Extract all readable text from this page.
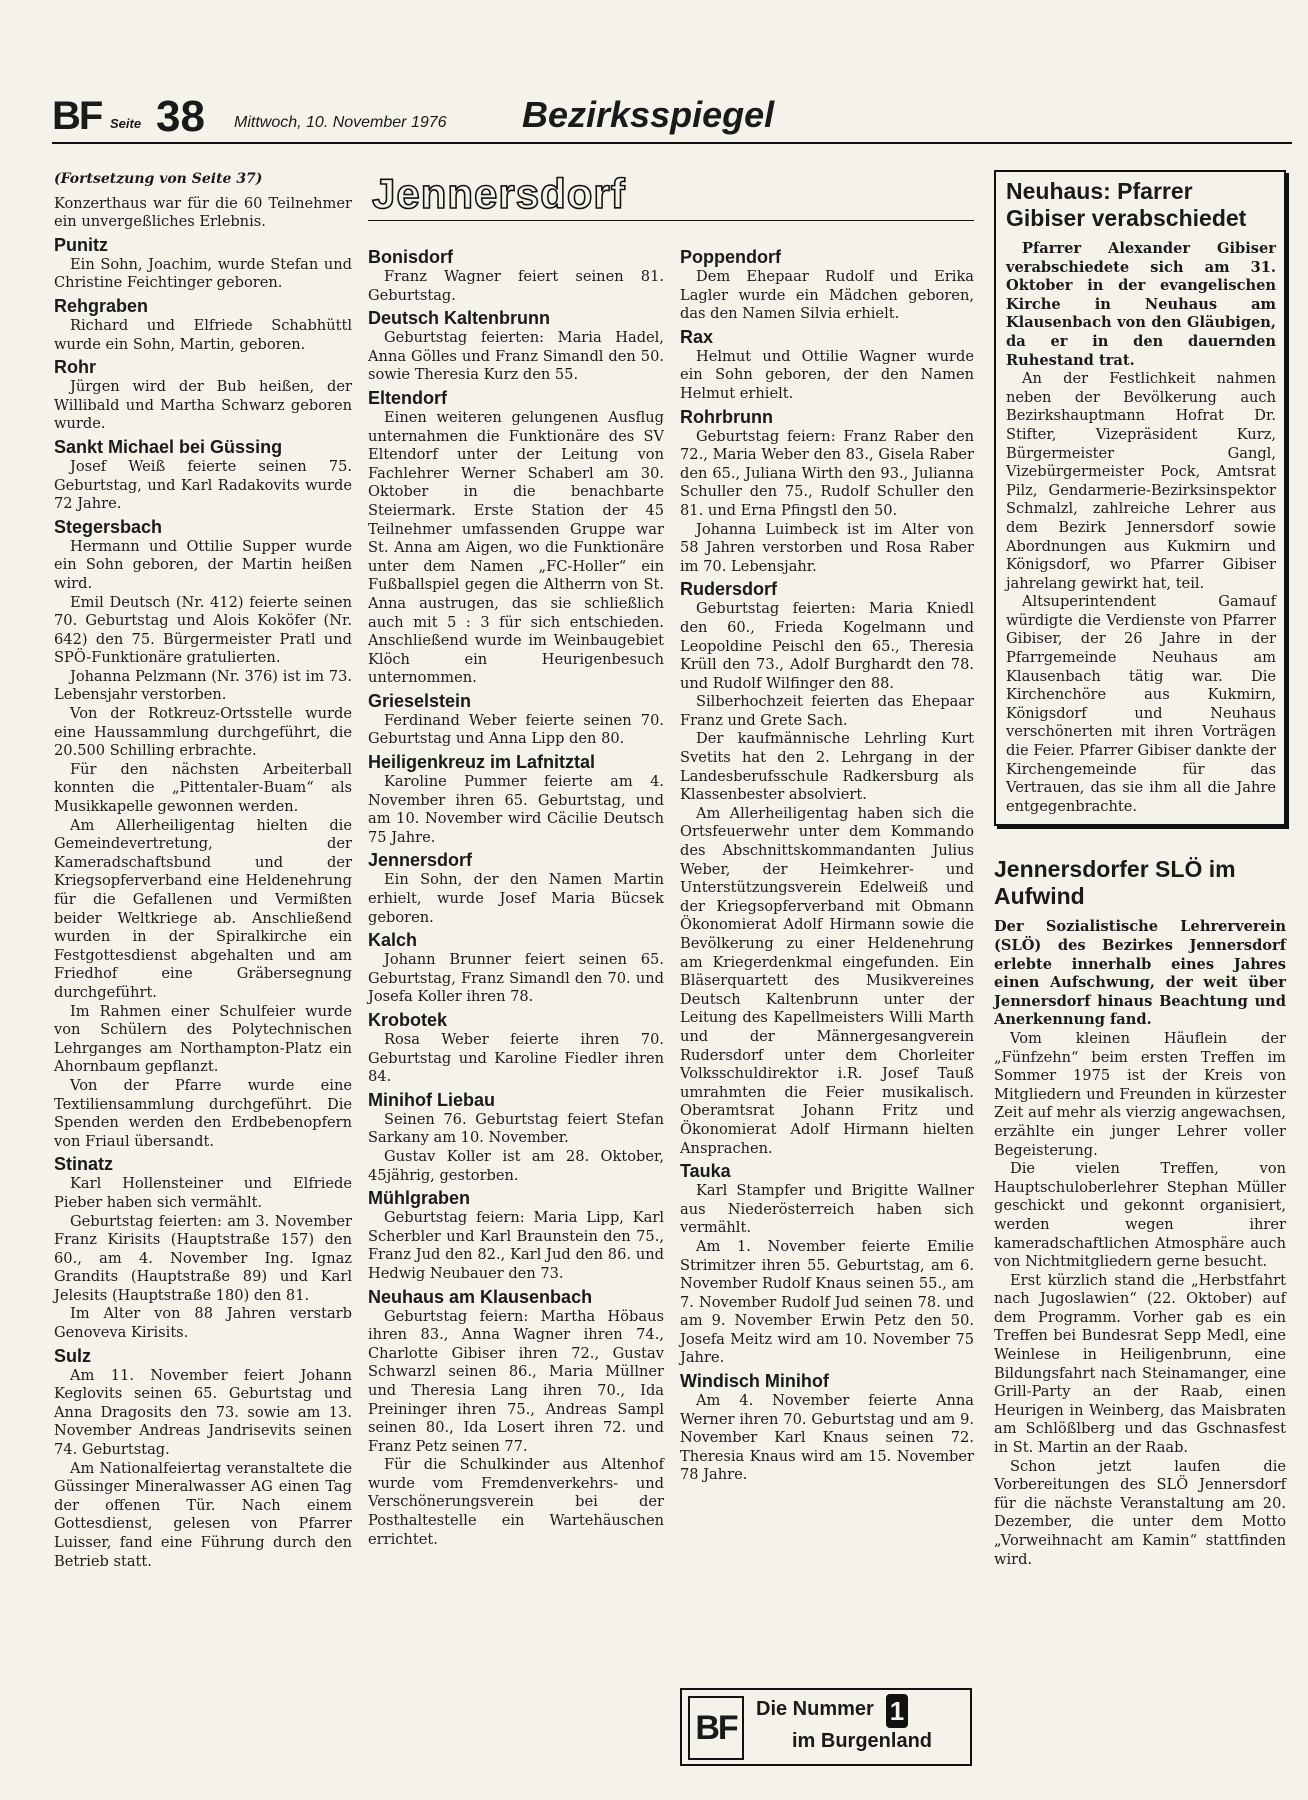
BF Seite 38 Mittwoch, 10. November 1976 Bezirksspiegel
(Fortsetzung von Seite 37)

Konzerthaus war für die 60 Teilnehmer ein unvergeßliches Erlebnis.

Punitz

Ein Sohn, Joachim, wurde Stefan und Christine Feichtinger geboren.

Rehgraben

Richard und Elfriede Schabhüttl wurde ein Sohn, Martin, geboren.

Rohr

Jürgen wird der Bub heißen, der Willibald und Martha Schwarz geboren wurde.

Sankt Michael bei Güssing

Josef Weiß feierte seinen 75. Geburtstag, und Karl Radakovits wurde 72 Jahre.

Stegersbach

Hermann und Ottilie Supper wurde ein Sohn geboren, der Martin heißen wird.

Emil Deutsch (Nr. 412) feierte seinen 70. Geburtstag und Alois Koköfer (Nr. 642) den 75. Bürgermeister Pratl und SPÖ-Funktionäre gratulierten.

Johanna Pelzmann (Nr. 376) ist im 73. Lebensjahr verstorben.

Von der Rotkreuz-Ortsstelle wurde eine Haussammlung durchgeführt, die 20.500 Schilling erbrachte.

Für den nächsten Arbeiterball konnten die „Pittentaler-Buam“ als Musikkapelle gewonnen werden.

Am Allerheiligentag hielten die Gemeindevertretung, der Kameradschaftsbund und der Kriegsopferverband eine Heldenehrung für die Gefallenen und Vermißten beider Weltkriege ab. Anschließend wurden in der Spiralkirche ein Festgottesdienst abgehalten und am Friedhof eine Gräbersegnung durchgeführt.

Im Rahmen einer Schulfeier wurde von Schülern des Polytechnischen Lehrganges am Northampton-Platz ein Ahornbaum gepflanzt.

Von der Pfarre wurde eine Textiliensammlung durchgeführt. Die Spenden werden den Erdbebenopfern von Friaul übersandt.

Stinatz

Karl Hollensteiner und Elfriede Pieber haben sich vermählt.

Geburtstag feierten: am 3. November Franz Kirisits (Hauptstraße 157) den 60., am 4. November Ing. Ignaz Grandits (Hauptstraße 89) und Karl Jelesits (Hauptstraße 180) den 81.

Im Alter von 88 Jahren verstarb Genoveva Kirisits.

Sulz

Am 11. November feiert Johann Keglovits seinen 65. Geburtstag und Anna Dragosits den 73. sowie am 13. November Andreas Jandrisevits seinen 74. Geburtstag.

Am Nationalfeiertag veranstaltete die Güssinger Mineralwasser AG einen Tag der offenen Tür. Nach einem Gottesdienst, gelesen von Pfarrer Luisser, fand eine Führung durch den Betrieb statt.

Jennersdorf
Bonisdorf

Franz Wagner feiert seinen 81. Geburtstag.

Deutsch Kaltenbrunn

Geburtstag feierten: Maria Hadel, Anna Gölles und Franz Simandl den 50. sowie Theresia Kurz den 55.

Eltendorf

Einen weiteren gelungenen Ausflug unternahmen die Funktionäre des SV Eltendorf unter der Leitung von Fachlehrer Werner Schaberl am 30. Oktober in die benachbarte Steiermark. Erste Station der 45 Teilnehmer umfassenden Gruppe war St. Anna am Aigen, wo die Funktionäre unter dem Namen „FC-Holler“ ein Fußballspiel gegen die Altherrn von St. Anna austrugen, das sie schließlich auch mit 5 : 3 für sich entschieden. Anschließend wurde im Weinbaugebiet Klöch ein Heurigenbesuch unternommen.

Grieselstein

Ferdinand Weber feierte seinen 70. Geburtstag und Anna Lipp den 80.

Heiligenkreuz im Lafnitztal

Karoline Pummer feierte am 4. November ihren 65. Geburtstag, und am 10. November wird Cäcilie Deutsch 75 Jahre.

Jennersdorf

Ein Sohn, der den Namen Martin erhielt, wurde Josef Maria Bücsek geboren.

Kalch

Johann Brunner feiert seinen 65. Geburtstag, Franz Simandl den 70. und Josefa Koller ihren 78.

Krobotek

Rosa Weber feierte ihren 70. Geburtstag und Karoline Fiedler ihren 84.

Minihof Liebau

Seinen 76. Geburtstag feiert Stefan Sarkany am 10. November.

Gustav Koller ist am 28. Oktober, 45jährig, gestorben.

Mühlgraben

Geburtstag feiern: Maria Lipp, Karl Scherbler und Karl Braunstein den 75., Franz Jud den 82., Karl Jud den 86. und Hedwig Neubauer den 73.

Neuhaus am Klausenbach

Geburtstag feiern: Martha Höbaus ihren 83., Anna Wagner ihren 74., Charlotte Gibiser ihren 72., Gustav Schwarzl seinen 86., Maria Müllner und Theresia Lang ihren 70., Ida Preininger ihren 75., Andreas Sampl seinen 80., Ida Losert ihren 72. und Franz Petz seinen 77.

Für die Schulkinder aus Altenhof wurde vom Fremdenverkehrs- und Verschönerungsverein bei der Posthaltestelle ein Wartehäuschen errichtet.

Poppendorf

Dem Ehepaar Rudolf und Erika Lagler wurde ein Mädchen geboren, das den Namen Silvia erhielt.

Rax

Helmut und Ottilie Wagner wurde ein Sohn geboren, der den Namen Helmut erhielt.

Rohrbrunn

Geburtstag feiern: Franz Raber den 72., Maria Weber den 83., Gisela Raber den 65., Juliana Wirth den 93., Julianna Schuller den 75., Rudolf Schuller den 81. und Erna Pfingstl den 50.

Johanna Luimbeck ist im Alter von 58 Jahren verstorben und Rosa Raber im 70. Lebensjahr.

Rudersdorf

Geburtstag feierten: Maria Kniedl den 60., Frieda Kogelmann und Leopoldine Peischl den 65., Theresia Krüll den 73., Adolf Burghardt den 78. und Rudolf Wilfinger den 88.

Silberhochzeit feierten das Ehepaar Franz und Grete Sach.

Der kaufmännische Lehrling Kurt Svetits hat den 2. Lehrgang in der Landesberufsschule Radkersburg als Klassenbester absolviert.

Am Allerheiligentag haben sich die Ortsfeuerwehr unter dem Kommando des Abschnittskommandanten Julius Weber, der Heimkehrer- und Unterstützungsverein Edelweiß und der Kriegsopferverband mit Obmann Ökonomierat Adolf Hirmann sowie die Bevölkerung zu einer Heldenehrung am Kriegerdenkmal eingefunden. Ein Bläserquartett des Musikvereines Deutsch Kaltenbrunn unter der Leitung des Kapellmeisters Willi Marth und der Männergesangverein Rudersdorf unter dem Chorleiter Volksschuldirektor i.R. Josef Tauß umrahmten die Feier musikalisch. Oberamtsrat Johann Fritz und Ökonomierat Adolf Hirmann hielten Ansprachen.

Tauka

Karl Stampfer und Brigitte Wallner aus Niederösterreich haben sich vermählt.

Am 1. November feierte Emilie Strimitzer ihren 55. Geburtstag, am 6. November Rudolf Knaus seinen 55., am 7. November Rudolf Jud seinen 78. und am 9. November Erwin Petz den 50. Josefa Meitz wird am 10. November 75 Jahre.

Windisch Minihof

Am 4. November feierte Anna Werner ihren 70. Geburtstag und am 9. November Karl Knaus seinen 72. Theresia Knaus wird am 15. November 78 Jahre.

BF Die Nummer 1
im Burgenland
Neuhaus: Pfarrer Gibiser verabschiedet

Pfarrer Alexander Gibiser verabschiedete sich am 31. Oktober in der evangelischen Kirche in Neuhaus am Klausenbach von den Gläubigen, da er in den dauernden Ruhestand trat.

An der Festlichkeit nahmen neben der Bevölkerung auch Bezirkshauptmann Hofrat Dr. Stifter, Vizepräsident Kurz, Bürgermeister Gangl, Vizebürgermeister Pock, Amtsrat Pilz, Gendarmerie-Bezirksinspektor Schmalzl, zahlreiche Lehrer aus dem Bezirk Jennersdorf sowie Abordnungen aus Kukmirn und Königsdorf, wo Pfarrer Gibiser jahrelang gewirkt hat, teil.

Altsuperintendent Gamauf würdigte die Verdienste von Pfarrer Gibiser, der 26 Jahre in der Pfarrgemeinde Neuhaus am Klausenbach tätig war. Die Kirchenchöre aus Kukmirn, Königsdorf und Neuhaus verschönerten mit ihren Vorträgen die Feier. Pfarrer Gibiser dankte der Kirchengemeinde für das Vertrauen, das sie ihm all die Jahre entgegenbrachte.

Jennersdorfer SLÖ im Aufwind

Der Sozialistische Lehrerverein (SLÖ) des Bezirkes Jennersdorf erlebte innerhalb eines Jahres einen Aufschwung, der weit über Jennersdorf hinaus Beachtung und Anerkennung fand.

Vom kleinen Häuflein der „Fünfzehn“ beim ersten Treffen im Sommer 1975 ist der Kreis von Mitgliedern und Freunden in kürzester Zeit auf mehr als vierzig angewachsen, erzählte ein junger Lehrer voller Begeisterung.

Die vielen Treffen, von Hauptschuloberlehrer Stephan Müller geschickt und gekonnt organisiert, werden wegen ihrer kameradschaftlichen Atmosphäre auch von Nichtmitgliedern gerne besucht.

Erst kürzlich stand die „Herbstfahrt nach Jugoslawien“ (22. Oktober) auf dem Programm. Vorher gab es ein Treffen bei Bundesrat Sepp Medl, eine Weinlese in Heiligenbrunn, eine Bildungsfahrt nach Steinamanger, eine Grill-Party an der Raab, einen Heurigen in Weinberg, das Maisbraten am Schlößlberg und das Gschnasfest in St. Martin an der Raab.

Schon jetzt laufen die Vorbereitungen des SLÖ Jennersdorf für die nächste Veranstaltung am 20. Dezember, die unter dem Motto „Vorweihnacht am Kamin“ stattfinden wird.
